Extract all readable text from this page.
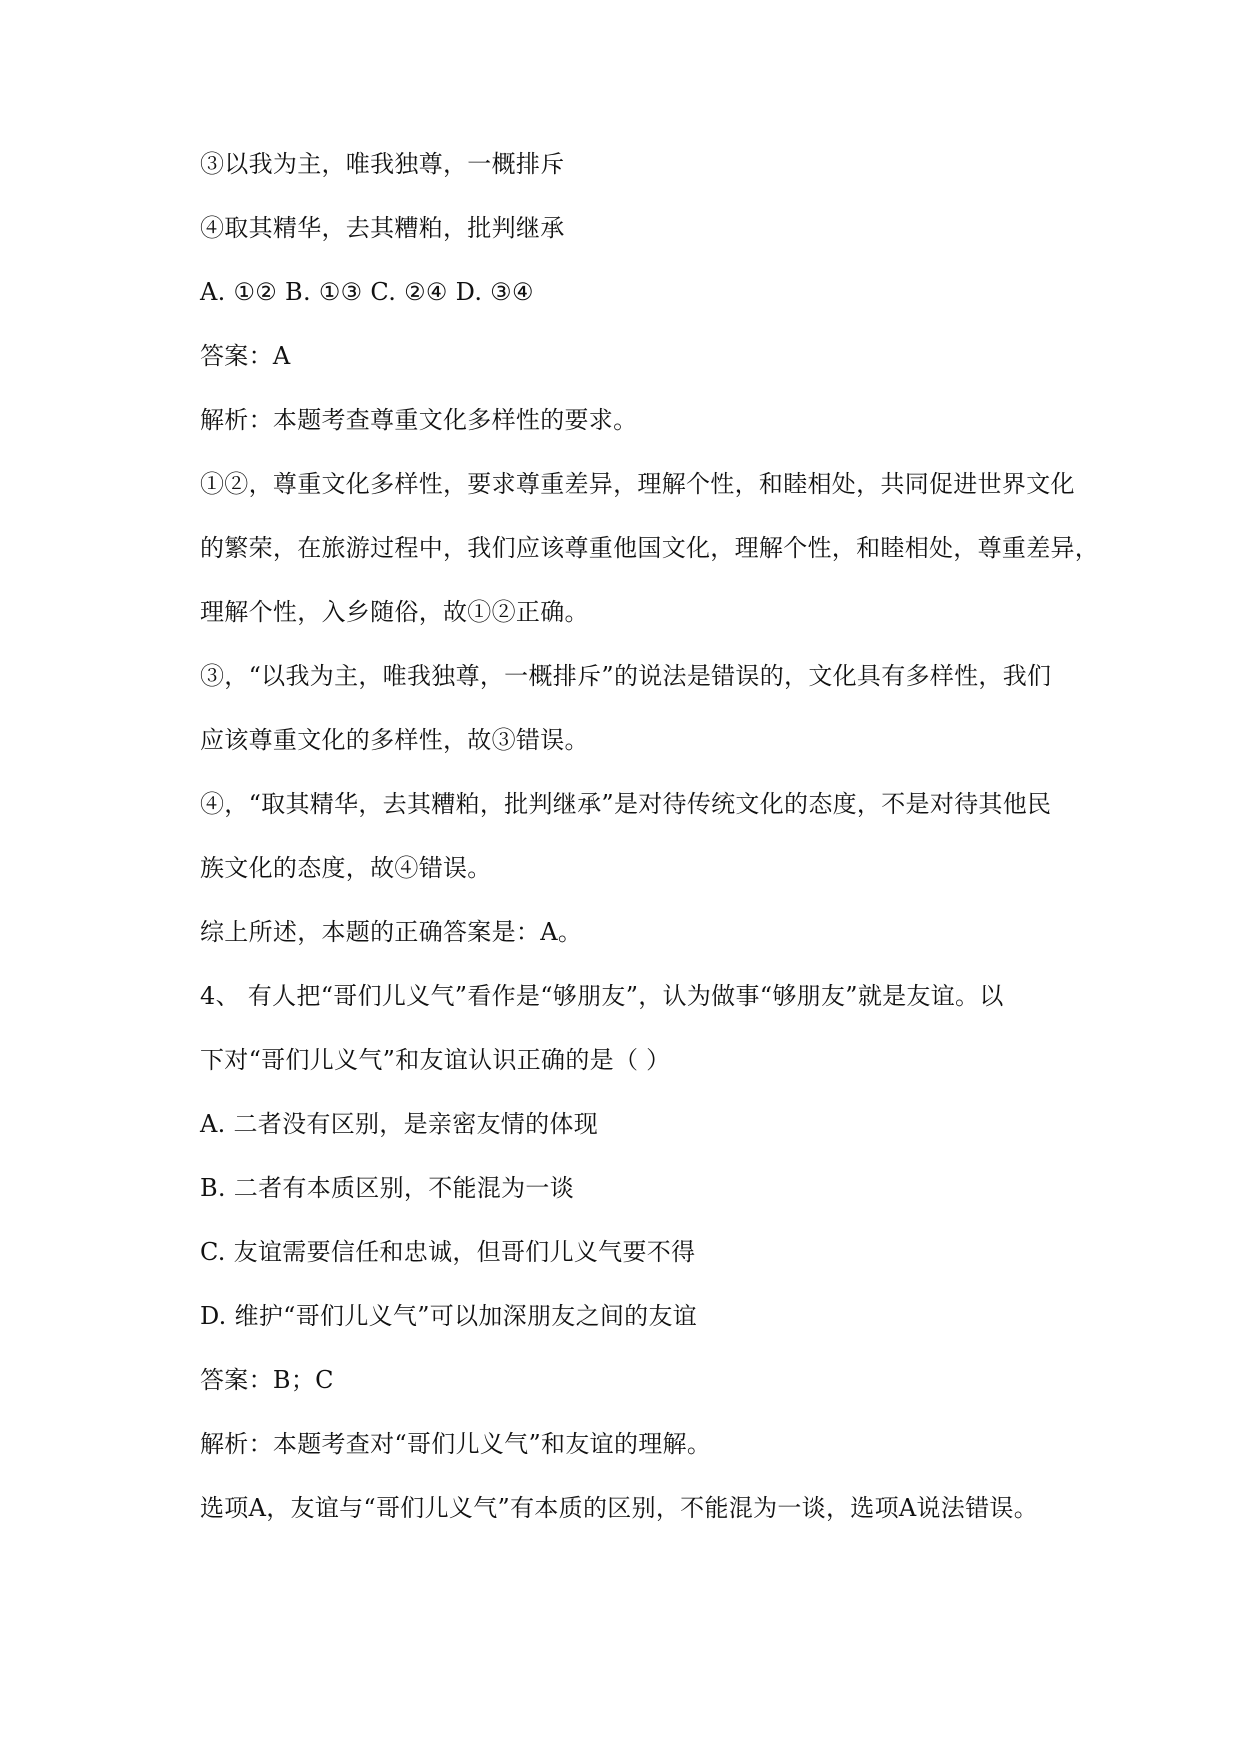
③以我为主，唯我独尊，一概排斥
④取其精华，去其糟粕，批判继承
A. ①② B. ①③ C. ②④ D. ③④
答案：A
解析：本题考查尊重文化多样性的要求。
①②，尊重文化多样性，要求尊重差异，理解个性，和睦相处，共同促进世界文化
的繁荣，在旅游过程中，我们应该尊重他国文化，理解个性，和睦相处，尊重差异，
理解个性，入乡随俗，故①②正确。
③，“以我为主，唯我独尊，一概排斥”的说法是错误的，文化具有多样性，我们
应该尊重文化的多样性，故③错误。
④，“取其精华，去其糟粕，批判继承”是对待传统文化的态度，不是对待其他民
族文化的态度，故④错误。
综上所述，本题的正确答案是：A。
4、 有人把“哥们儿义气”看作是“够朋友”，认为做事“够朋友”就是友谊。以
下对“哥们儿义气”和友谊认识正确的是（ ）
A. 二者没有区别，是亲密友情的体现
B. 二者有本质区别，不能混为一谈
C. 友谊需要信任和忠诚，但哥们儿义气要不得
D. 维护“哥们儿义气”可以加深朋友之间的友谊
答案：B；C
解析：本题考查对“哥们儿义气”和友谊的理解。
选项A，友谊与“哥们儿义气”有本质的区别，不能混为一谈，选项A说法错误。
